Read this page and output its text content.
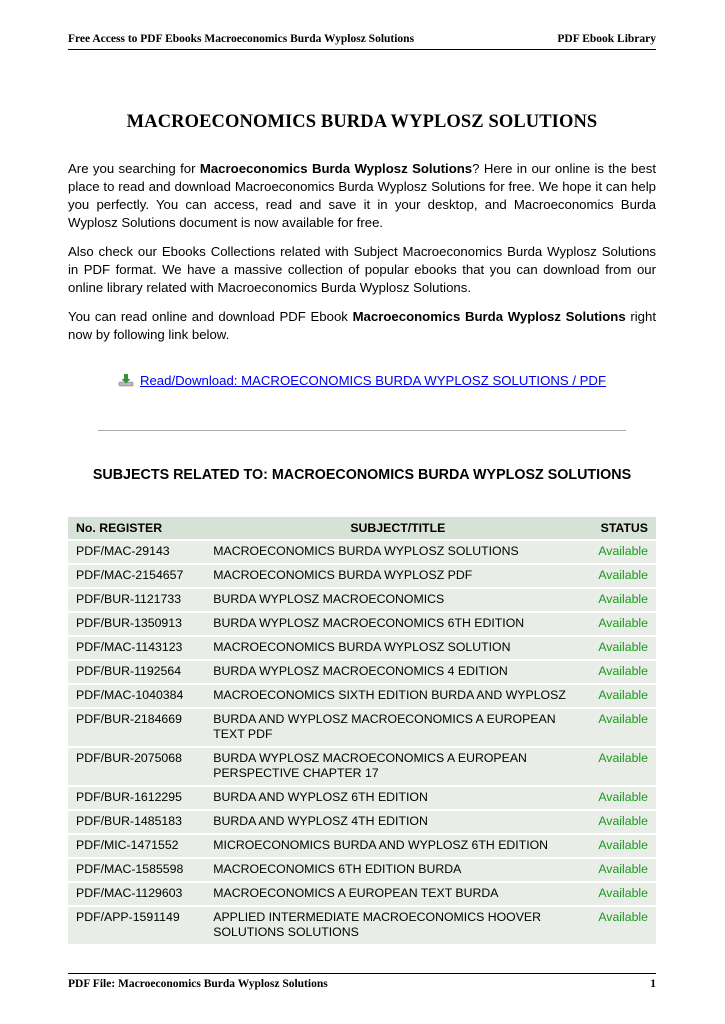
Free Access to PDF Ebooks Macroeconomics Burda Wyplosz Solutions	PDF Ebook Library
MACROECONOMICS BURDA WYPLOSZ SOLUTIONS

Are you searching for Macroeconomics Burda Wyplosz Solutions? Here in our online is the best place to read and download Macroeconomics Burda Wyplosz Solutions for free. We hope it can help you perfectly. You can access, read and save it in your desktop, and Macroeconomics Burda Wyplosz Solutions document is now available for free.

Also check our Ebooks Collections related with Subject Macroeconomics Burda Wyplosz Solutions in PDF format. We have a massive collection of popular ebooks that you can download from our online library related with Macroeconomics Burda Wyplosz Solutions.

You can read online and download PDF Ebook Macroeconomics Burda Wyplosz Solutions right now by following link below.

Read/Download: MACROECONOMICS BURDA WYPLOSZ SOLUTIONS / PDF
SUBJECTS RELATED TO: MACROECONOMICS BURDA WYPLOSZ SOLUTIONS
No. REGISTER	SUBJECT/TITLE	STATUS
PDF/MAC-29143	MACROECONOMICS BURDA WYPLOSZ SOLUTIONS	Available
PDF/MAC-2154657	MACROECONOMICS BURDA WYPLOSZ PDF	Available
PDF/BUR-1121733	BURDA WYPLOSZ MACROECONOMICS	Available
PDF/BUR-1350913	BURDA WYPLOSZ MACROECONOMICS 6TH EDITION	Available
PDF/MAC-1143123	MACROECONOMICS BURDA WYPLOSZ SOLUTION	Available
PDF/BUR-1192564	BURDA WYPLOSZ MACROECONOMICS 4 EDITION	Available
PDF/MAC-1040384	MACROECONOMICS SIXTH EDITION BURDA AND WYPLOSZ	Available
PDF/BUR-2184669	BURDA AND WYPLOSZ MACROECONOMICS A EUROPEAN TEXT PDF	Available
PDF/BUR-2075068	BURDA WYPLOSZ MACROECONOMICS A EUROPEAN PERSPECTIVE CHAPTER 17	Available
PDF/BUR-1612295	BURDA AND WYPLOSZ 6TH EDITION	Available
PDF/BUR-1485183	BURDA AND WYPLOSZ 4TH EDITION	Available
PDF/MIC-1471552	MICROECONOMICS BURDA AND WYPLOSZ 6TH EDITION	Available
PDF/MAC-1585598	MACROECONOMICS 6TH EDITION BURDA	Available
PDF/MAC-1129603	MACROECONOMICS A EUROPEAN TEXT BURDA	Available
PDF/APP-1591149	APPLIED INTERMEDIATE MACROECONOMICS HOOVER SOLUTIONS SOLUTIONS	Available
PDF File: Macroeconomics Burda Wyplosz Solutions	1
